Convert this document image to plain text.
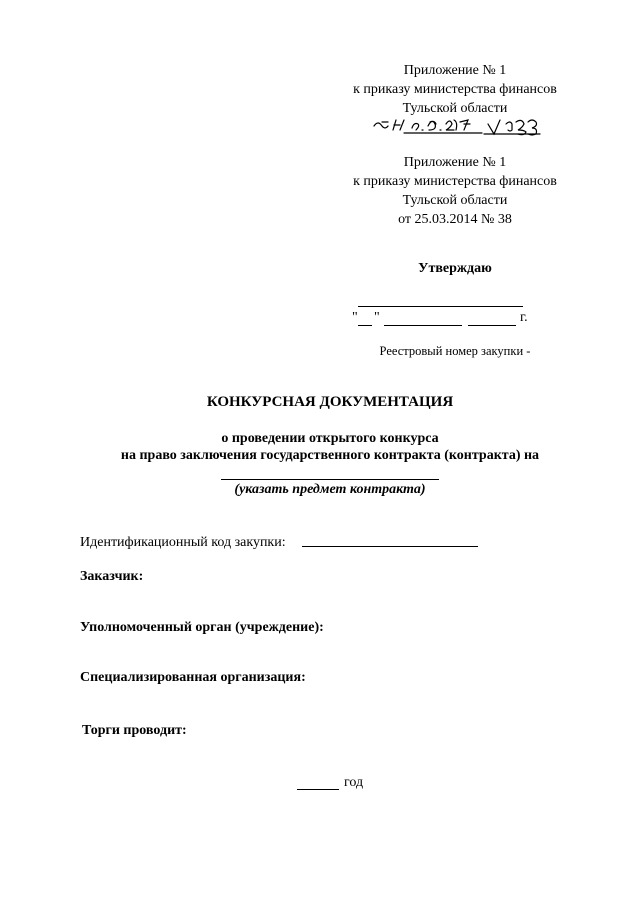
Приложение № 1
к приказу министерства финансов
Тульской области
Приложение № 1
к приказу министерства финансов
Тульской области
от 25.03.2014 № 38
Утверждаю
" "	г.
Реестровый номер закупки -
КОНКУРСНАЯ ДОКУМЕНТАЦИЯ
о проведении открытого конкурса
на право заключения государственного контракта (контракта) на
(указать предмет контракта)
Идентификационный код закупки:
Заказчик:
Уполномоченный орган (учреждение):
Специализированная организация:
Торги проводит:
год
